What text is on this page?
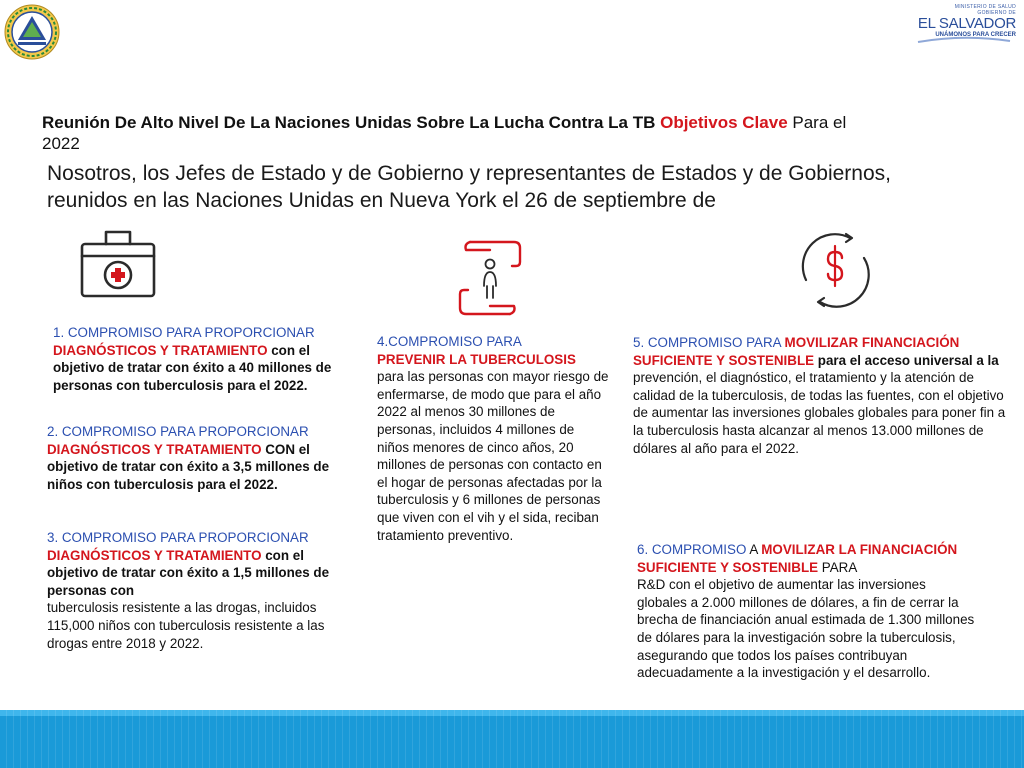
MINISTERIO DE SALUD
GOBIERNO DE
EL SALVADOR
UNÁMONOS PARA CRECER
Reunión De Alto Nivel De La Naciones Unidas Sobre La Lucha Contra La TB Objetivos Clave Para el 2022
Nosotros, los Jefes de Estado y de Gobierno y representantes de Estados y de Gobiernos, reunidos en las Naciones Unidas en Nueva York el 26 de septiembre de
1. COMPROMISO PARA PROPORCIONAR DIAGNÓSTICOS Y TRATAMIENTO con el objetivo de tratar con éxito a 40 millones de personas con tuberculosis para el 2022.
2. COMPROMISO PARA PROPORCIONAR
DIAGNÓSTICOS Y TRATAMIENTO CON el objetivo de tratar con éxito a 3,5 millones de niños con tuberculosis para el 2022.
3. COMPROMISO PARA PROPORCIONAR
DIAGNÓSTICOS Y TRATAMIENTO con el objetivo de tratar con éxito a 1,5 millones de personas con
tuberculosis resistente a las drogas, incluidos 115,000 niños con tuberculosis resistente a las drogas entre 2018 y 2022.
4.COMPROMISO PARA
PREVENIR LA TUBERCULOSIS
para las personas con mayor riesgo de enfermarse, de modo que para el año 2022 al menos 30 millones de personas, incluidos 4 millones de niños menores de cinco años, 20 millones de personas con contacto en el hogar de personas afectadas por la tuberculosis y 6 millones de personas que viven con el vih y el sida, reciban tratamiento preventivo.
5. COMPROMISO PARA MOVILIZAR FINANCIACIÓN SUFICIENTE Y SOSTENIBLE para el acceso universal a la
prevención, el diagnóstico, el tratamiento y la atención de calidad de la tuberculosis, de todas las fuentes, con el objetivo de aumentar las inversiones globales globales para poner fin a la tuberculosis hasta alcanzar al menos 13.000 millones de dólares al año para el 2022.
6. COMPROMISO A MOVILIZAR LA FINANCIACIÓN SUFICIENTE Y SOSTENIBLE PARA
R&D con el objetivo de aumentar las inversiones globales a 2.000 millones de dólares, a fin de cerrar la brecha de financiación anual estimada de 1.300 millones de dólares para la investigación sobre la tuberculosis, asegurando que todos los países contribuyan adecuadamente a la investigación y el desarrollo.
